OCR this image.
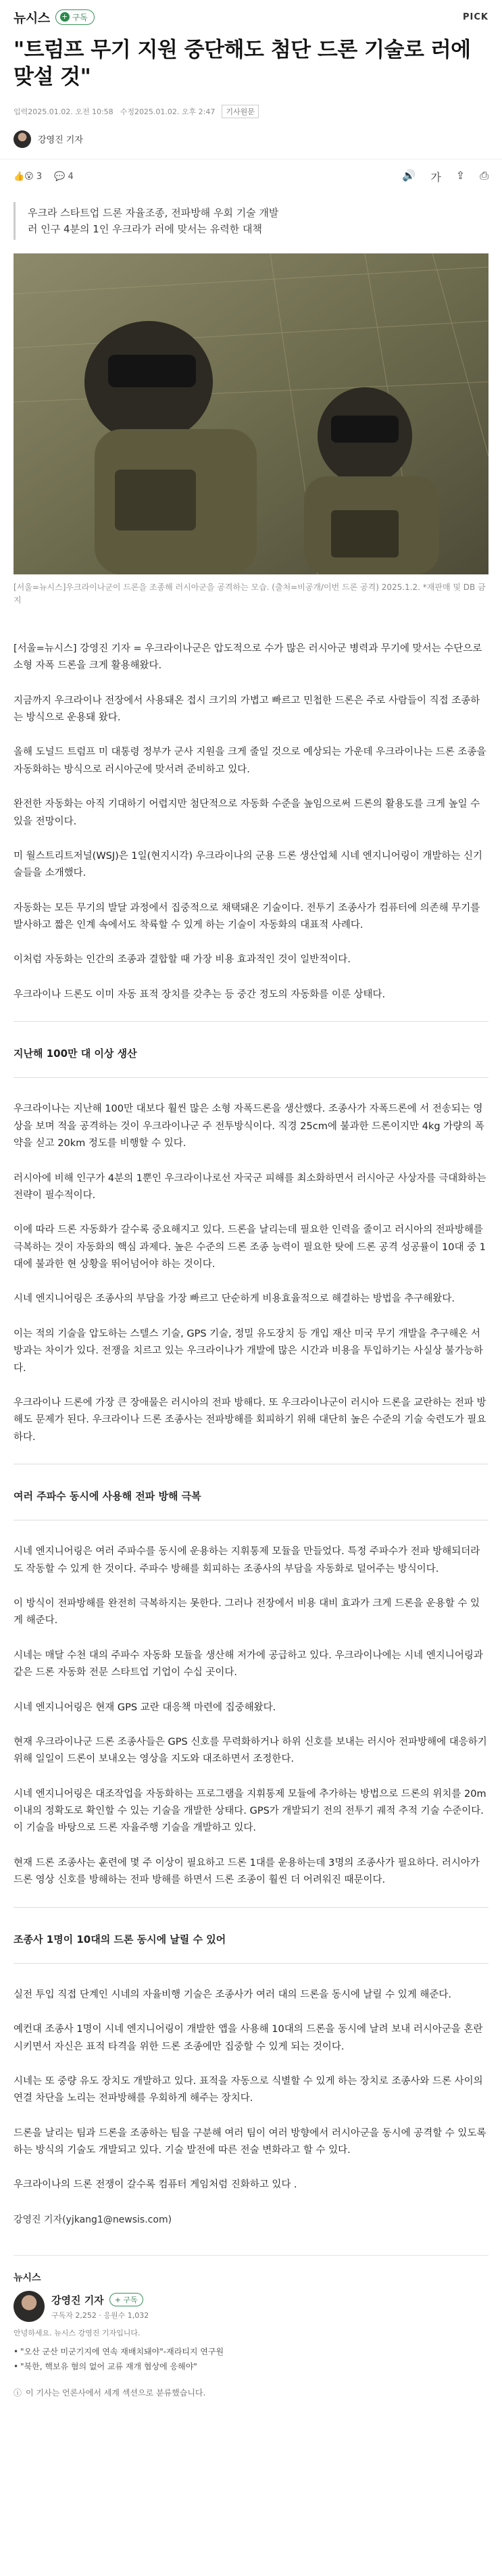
뉴시스 + 구독	PICK
"트럼프 무기 지원 중단해도 첨단 드론 기술로 러에 맞설 것"
입력2025.01.02. 오전 10:58 수정2025.01.02. 오후 2:47	기사원문
강영진 기자
👍😮 3 💬 4	🔊 가 ⇪ ⎙
우크라 스타트업 드론 자율조종, 전파방해 우회 기술 개발
러 인구 4분의 1인 우크라가 러에 맞서는 유력한 대책
[서울=뉴시스]우크라이나군이 드론을 조종해 러시아군을 공격하는 모습. (출처=비공개/이번 드론 공격) 2025.1.2. *재판매 및 DB 금지

[서울=뉴시스] 강영진 기자 = 우크라이나군은 압도적으로 수가 많은 러시아군 병력과 무기에 맞서는 수단으로 소형 자폭 드론을 크게 활용해왔다.

지금까지 우크라이나 전장에서 사용돼온 접시 크기의 가볍고 빠르고 민첩한 드론은 주로 사람들이 직접 조종하는 방식으로 운용돼 왔다.

올해 도널드 트럼프 미 대통령 정부가 군사 지원을 크게 줄일 것으로 예상되는 가운데 우크라이나는 드론 조종을 자동화하는 방식으로 러시아군에 맞서려 준비하고 있다.

완전한 자동화는 아직 기대하기 어렵지만 첨단적으로 자동화 수준을 높임으로써 드론의 활용도를 크게 높일 수 있을 전망이다.

미 월스트리트저널(WSJ)은 1일(현지시각) 우크라이나의 군용 드론 생산업체 시네 엔지니어링이 개발하는 신기술들을 소개했다.

자동화는 모든 무기의 발달 과정에서 집중적으로 채택돼온 기술이다. 전투기 조종사가 컴퓨터에 의존해 무기를 발사하고 짧은 인계 속에서도 착륙할 수 있게 하는 기술이 자동화의 대표적 사례다.

이처럼 자동화는 인간의 조종과 결합할 때 가장 비용 효과적인 것이 일반적이다.

우크라이나 드론도 이미 자동 표적 장치를 갖추는 등 중간 정도의 자동화를 이룬 상태다.

지난해 100만 대 이상 생산

우크라이나는 지난해 100만 대보다 훨씬 많은 소형 자폭드론을 생산했다. 조종사가 자폭드론에 서 전송되는 영상을 보며 적을 공격하는 것이 우크라이나군 주 전투방식이다. 직경 25cm에 불과한 드론이지만 4kg 가량의 폭약을 싣고 20km 정도를 비행할 수 있다.

러시아에 비해 인구가 4분의 1뿐인 우크라이나로선 자국군 피해를 최소화하면서 러시아군 사상자를 극대화하는 전략이 필수적이다.

이에 따라 드론 자동화가 갈수록 중요해지고 있다. 드론을 날리는데 필요한 인력을 줄이고 러시아의 전파방해를 극복하는 것이 자동화의 핵심 과제다. 높은 수준의 드론 조종 능력이 필요한 탓에 드론 공격 성공률이 10대 중 1대에 불과한 현 상황을 뛰어넘어야 하는 것이다.

시네 엔지니어링은 조종사의 부담을 가장 빠르고 단순하게 비용효율적으로 해결하는 방법을 추구해왔다.

이는 적의 기술을 압도하는 스텔스 기술, GPS 기술, 정밀 유도장치 등 개입 재산 미국 무기 개발을 추구해온 서방과는 차이가 있다. 전쟁을 치르고 있는 우크라이나가 개발에 많은 시간과 비용을 투입하기는 사실상 불가능하다.

우크라이나 드론에 가장 큰 장애물은 러시아의 전파 방해다. 또 우크라이나군이 러시아 드론을 교란하는 전파 방해도 문제가 된다. 우크라이나 드론 조종사는 전파방해를 회피하기 위해 대단히 높은 수준의 기술 숙련도가 필요하다.

여러 주파수 동시에 사용해 전파 방해 극복

시네 엔지니어링은 여러 주파수를 동시에 운용하는 지휘통제 모듈을 만들었다. 특정 주파수가 전파 방해되더라도 작동할 수 있게 한 것이다. 주파수 방해를 회피하는 조종사의 부담을 자동화로 덜어주는 방식이다.

이 방식이 전파방해를 완전히 극복하지는 못한다. 그러나 전장에서 비용 대비 효과가 크게 드론을 운용할 수 있게 해준다.

시네는 매달 수천 대의 주파수 자동화 모듈을 생산해 저가에 공급하고 있다. 우크라이나에는 시네 엔지니어링과 같은 드론 자동화 전문 스타트업 기업이 수십 곳이다.

시네 엔지니어링은 현재 GPS 교란 대응책 마련에 집중해왔다.

현재 우크라이나군 드론 조종사들은 GPS 신호를 무력화하거나 하위 신호를 보내는 러시아 전파방해에 대응하기 위해 일일이 드론이 보내오는 영상을 지도와 대조하면서 조정한다.

시네 엔지니어링은 대조작업을 자동화하는 프로그램을 지휘통제 모듈에 추가하는 방법으로 드론의 위치를 20m 이내의 정확도로 확인할 수 있는 기술을 개발한 상태다. GPS가 개발되기 전의 전투기 궤적 추적 기술 수준이다. 이 기술을 바탕으로 드론 자율주행 기술을 개발하고 있다.

현재 드론 조종사는 훈련에 몇 주 이상이 필요하고 드론 1대를 운용하는데 3명의 조종사가 필요하다. 러시아가 드론 영상 신호를 방해하는 전파 방해를 하면서 드론 조종이 훨씬 더 어려워진 때문이다.

조종사 1명이 10대의 드론 동시에 날릴 수 있어

실전 투입 직접 단계인 시네의 자율비행 기술은 조종사가 여러 대의 드론을 동시에 날릴 수 있게 해준다.

예컨대 조종사 1명이 시네 엔지니어링이 개발한 앱을 사용해 10대의 드론을 동시에 날려 보내 러시아군을 혼란시키면서 자신은 표적 타격을 위한 드론 조종에만 집중할 수 있게 되는 것이다.

시네는 또 중량 유도 장치도 개발하고 있다. 표적을 자동으로 식별할 수 있게 하는 장치로 조종사와 드론 사이의 연결 차단을 노리는 전파방해를 우회하게 해주는 장치다.

드론을 날리는 팀과 드론을 조종하는 팀을 구분해 여러 팀이 여러 방향에서 러시아군을 동시에 공격할 수 있도록 하는 방식의 기술도 개발되고 있다. 기술 발전에 따른 전술 변화라고 할 수 있다.

우크라이나의 드론 전쟁이 갈수록 컴퓨터 게임처럼 진화하고 있다 .

강영진 기자(yjkang1@newsis.com)
뉴시스
강영진 기자	+ 구독
구독자 2,252 · 응원수 1,032
안녕하세요. 뉴시스 강영진 기자입니다.
• "오산 군산 미군기지에 연속 재배치돼야"-재라티지 연구원
• "북한, 핵보유 혐의 없어 교류 재개 협상에 응해야"
ⓘ 이 기사는 언론사에서 세계 섹션으로 분류했습니다.
